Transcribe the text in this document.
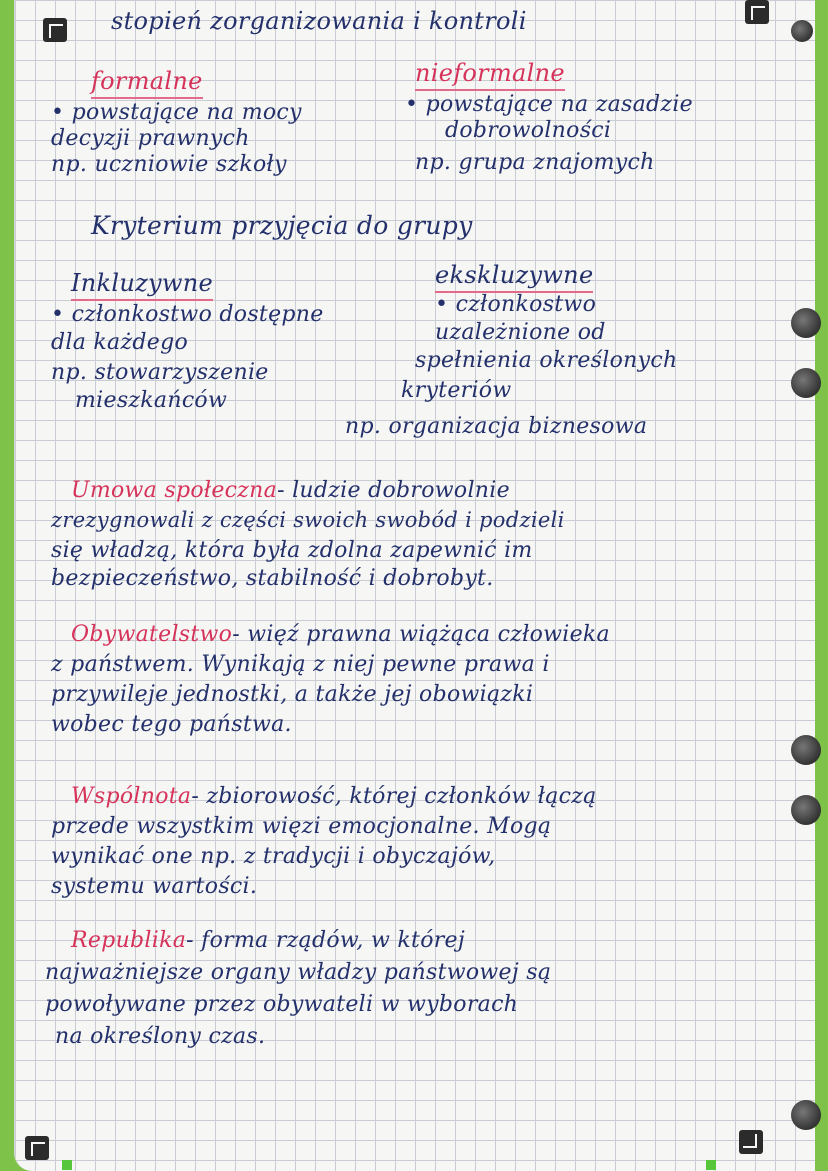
stopień zorganizowania i kontroli
formalne
• powstające na mocy
decyzji prawnych
np. uczniowie szkoły
nieformalne
• powstające na zasadzie
dobrowolności
np. grupa znajomych
Kryterium przyjęcia do grupy
Inkluzywne
• członkostwo dostępne
dla każdego
np. stowarzyszenie
mieszkańców
ekskluzywne
• członkostwo
uzależnione od
spełnienia określonych
kryteriów
np. organizacja biznesowa
Umowa społeczna- ludzie dobrowolnie
zrezygnowali z części swoich swobód i podzieli
się władzą, która była zdolna zapewnić im
bezpieczeństwo, stabilność i dobrobyt.
Obywatelstwo- więź prawna wiążąca człowieka
z państwem. Wynikają z niej pewne prawa i
przywileje jednostki, a także jej obowiązki
wobec tego państwa.
Wspólnota- zbiorowość, której członków łączą
przede wszystkim więzi emocjonalne. Mogą
wynikać one np. z tradycji i obyczajów,
systemu wartości.
Republika- forma rządów, w której
najważniejsze organy władzy państwowej są
powoływane przez obywateli w wyborach
na określony czas.
